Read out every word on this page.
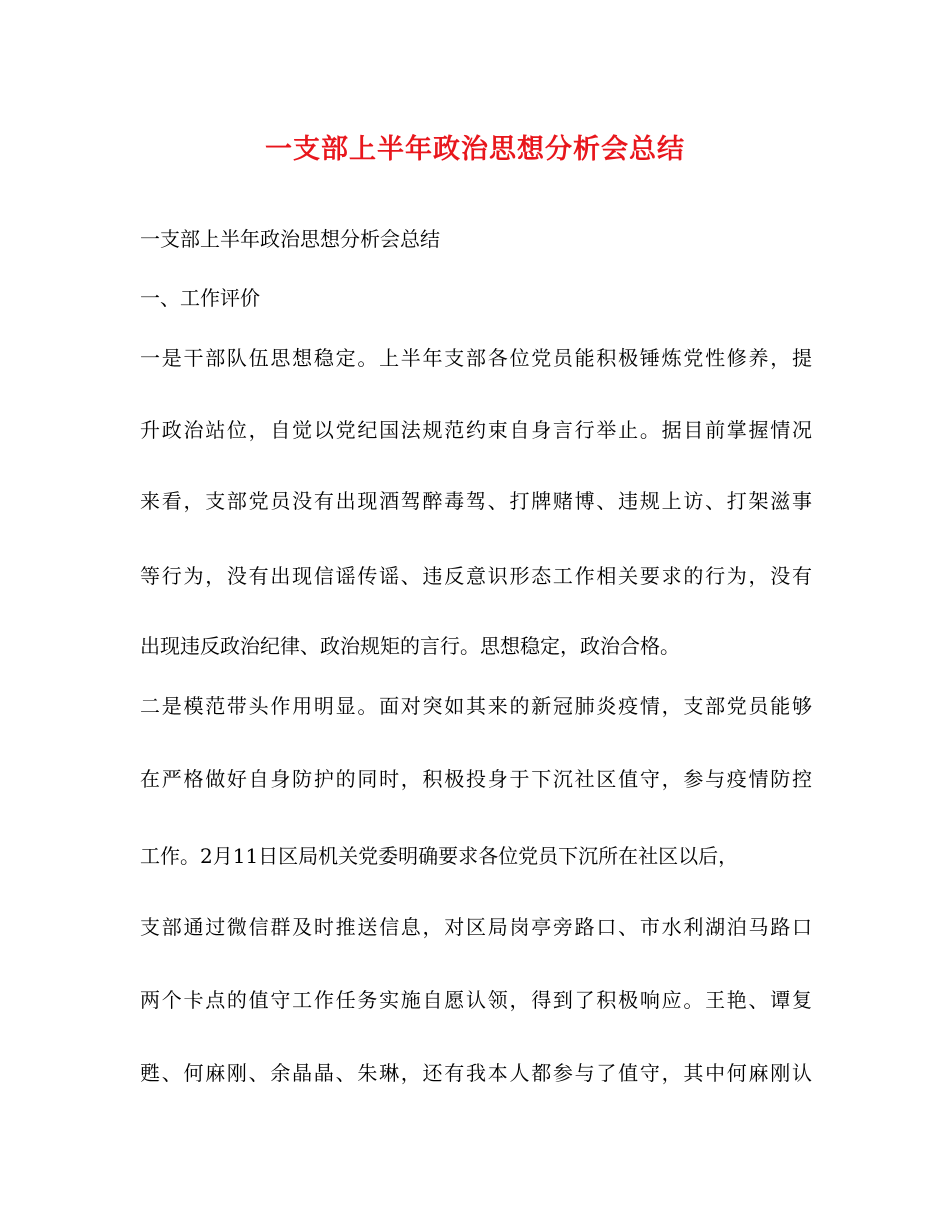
一支部上半年政治思想分析会总结
一支部上半年政治思想分析会总结
一、工作评价
一是干部队伍思想稳定。上半年支部各位党员能积极锤炼党性修养，提
升政治站位，自觉以党纪国法规范约束自身言行举止。据目前掌握情况
来看，支部党员没有出现酒驾醉毒驾、打牌赌博、违规上访、打架滋事
等行为，没有出现信谣传谣、违反意识形态工作相关要求的行为，没有
出现违反政治纪律、政治规矩的言行。思想稳定，政治合格。
二是模范带头作用明显。面对突如其来的新冠肺炎疫情，支部党员能够
在严格做好自身防护的同时，积极投身于下沉社区值守，参与疫情防控
工作。2月11日区局机关党委明确要求各位党员下沉所在社区以后，
支部通过微信群及时推送信息，对区局岗亭旁路口、市水利湖泊马路口
两个卡点的值守工作任务实施自愿认领，得到了积极响应。王艳、谭复
甦、何麻刚、余晶晶、朱琳，还有我本人都参与了值守，其中何麻刚认
